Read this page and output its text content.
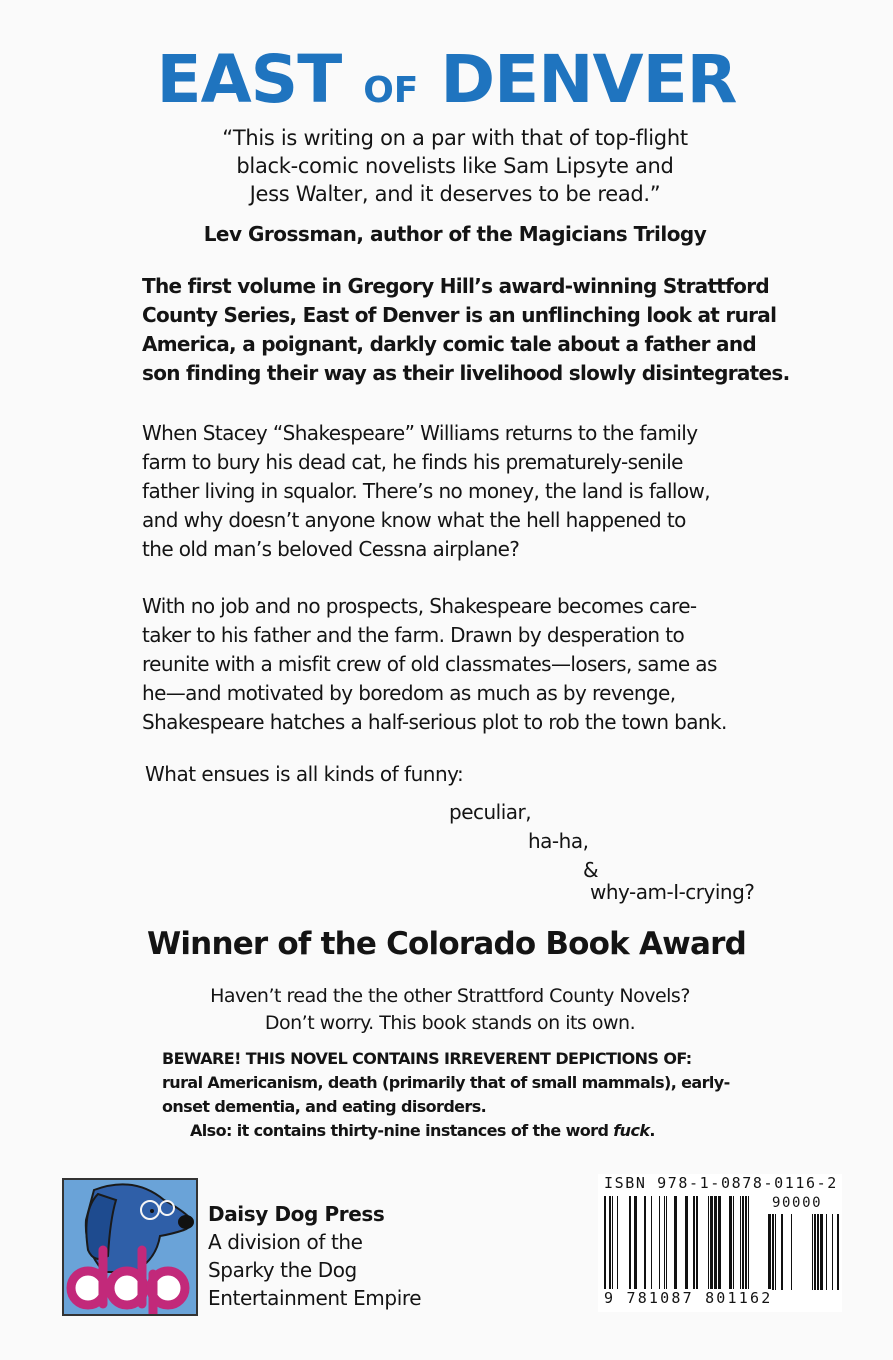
EAST OF DENVER
“This is writing on a par with that of top-flight
black-comic novelists like Sam Lipsyte and
Jess Walter, and it deserves to be read.”
Lev Grossman, author of the Magicians Trilogy
The first volume in Gregory Hill’s award-winning Strattford
County Series, East of Denver is an unflinching look at rural
America, a poignant, darkly comic tale about a father and
son finding their way as their livelihood slowly disintegrates.
When Stacey “Shakespeare” Williams returns to the family
farm to bury his dead cat, he finds his prematurely-senile
father living in squalor. There’s no money, the land is fallow,
and why doesn’t anyone know what the hell happened to
the old man’s beloved Cessna airplane?
With no job and no prospects, Shakespeare becomes care-
taker to his father and the farm. Drawn by desperation to
reunite with a misfit crew of old classmates—losers, same as
he—and motivated by boredom as much as by revenge,
Shakespeare hatches a half-serious plot to rob the town bank.
What ensues is all kinds of funny:
peculiar,
ha-ha,
&
why-am-I-crying?
Winner of the Colorado Book Award
Haven’t read the the other Strattford County Novels?
Don’t worry. This book stands on its own.
BEWARE! THIS NOVEL CONTAINS IRREVERENT DEPICTIONS OF:
rural Americanism, death (primarily that of small mammals), early-
onset dementia, and eating disorders.
Also: it contains thirty-nine instances of the word fuck.
Daisy Dog Press
A division of the
Sparky the Dog
Entertainment Empire
ISBN 978-1-0878-0116-2
90000
9 781087 801162
